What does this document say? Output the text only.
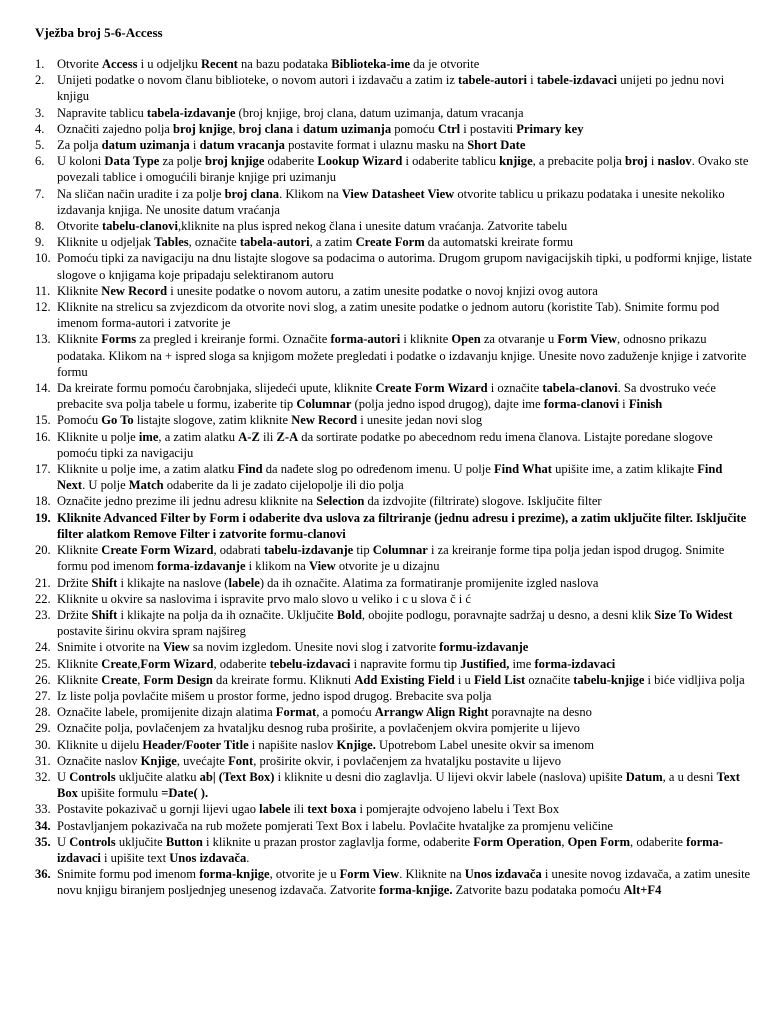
Vježba broj 5-6-Access
1. Otvorite Access i u odjeljku Recent na bazu podataka Biblioteka-ime da je otvorite
2. Unijeti podatke o novom članu biblioteke, o novom autori i izdavaču a zatim iz tabele-autori i tabele-izdavaci unijeti po jednu novi knjigu
3. Napravite tablicu tabela-izdavanje (broj knjige, broj clana, datum uzimanja, datum vracanja
4. Označiti zajedno polja broj knjige, broj clana i datum uzimanja pomoću Ctrl i postaviti Primary key
5. Za polja datum uzimanja i datum vracanja postavite format i ulaznu masku na Short Date
6. U koloni Data Type za polje broj knjige odaberite Lookup Wizard i odaberite tablicu knjige, a prebacite polja broj i naslov. Ovako ste povezali tablice i omogućili biranje knjige pri uzimanju
7. Na sličan način uradite i za polje broj clana. Klikom na View Datasheet View otvorite tablicu u prikazu podataka i unesite nekoliko izdavanja knjiga. Ne unosite datum vraćanja
8. Otvorite tabelu-clanovi,kliknite na plus ispred nekog člana i unesite datum vraćanja. Zatvorite tabelu
9. Kliknite u odjeljak Tables, označite tabela-autori, a zatim Create Form da automatski kreirate formu
10. Pomoću tipki za navigaciju na dnu listajte slogove sa podacima o autorima. Drugom grupom navigacijskih tipki, u podformi knjige, listate slogove o knjigama koje pripadaju selektiranom autoru
11. Kliknite New Record i unesite podatke o novom autoru, a zatim unesite podatke o novoj knjizi ovog autora
12. Kliknite na strelicu sa zvjezdicom da otvorite novi slog, a zatim unesite podatke o jednom autoru (koristite Tab). Snimite formu pod imenom forma-autori i zatvorite je
13. Kliknite Forms za pregled i kreiranje formi. Označite forma-autori i kliknite Open za otvaranje u Form View, odnosno prikazu podataka. Klikom na + ispred sloga sa knjigom možete pregledati i podatke o izdavanju knjige. Unesite novo zaduženje knjige i zatvorite formu
14. Da kreirate formu pomoću čarobnjaka, slijedeći upute, kliknite Create Form Wizard i označite tabela-clanovi. Sa dvostruko veće prebacite sva polja tabele u formu, izaberite tip Columnar (polja jedno ispod drugog), dajte ime forma-clanovi i Finish
15. Pomoću Go To listajte slogove, zatim kliknite New Record i unesite jedan novi slog
16. Kliknite u polje ime, a zatim alatku A-Z ili Z-A da sortirate podatke po abecednom redu imena članova. Listajte poredane slogove pomoću tipki za navigaciju
17. Kliknite u polje ime, a zatim alatku Find da nađete slog po određenom imenu. U polje Find What upišite ime, a zatim klikajte Find Next. U polje Match odaberite da li je zadato cijelopolje ili dio polja
18. Označite jedno prezime ili jednu adresu kliknite na Selection da izdvojite (filtrirate) slogove. Isključite filter
19. Kliknite Advanced Filter by Form i odaberite dva uslova za filtriranje (jednu adresu i prezime), a zatim uključite filter. Isključite filter alatkom Remove Filter i zatvorite formu-clanovi
20. Kliknite Create Form Wizard, odabrati tabelu-izdavanje tip Columnar i za kreiranje forme tipa polja jedan ispod drugog. Snimite formu pod imenom forma-izdavanje i klikom na View otvorite je u dizajnu
21. Držite Shift i klikajte na naslove (labele) da ih označite. Alatima za formatiranje promijenite izgled naslova
22. Kliknite u okvire sa naslovima i ispravite prvo malo slovo u veliko i c u slova č i ć
23. Držite Shift i klikajte na polja da ih označite. Uključite Bold, obojite podlogu, poravnajte sadržaj u desno, a desni klik Size To Widest postavite širinu okvira spram najšireg
24. Snimite i otvorite na View sa novim izgledom. Unesite novi slog i zatvorite formu-izdavanje
25. Kliknite Create,Form Wizard, odaberite tebelu-izdavaci i napravite formu tip Justified, ime forma-izdavaci
26. Kliknite Create, Form Design da kreirate formu. Kliknuti Add Existing Field i u Field List označite tabelu-knjige i biće vidljiva polja
27. Iz liste polja povlačite mišem u prostor forme, jedno ispod drugog. Brebacite sva polja
28. Označite labele, promijenite dizajn alatima Format, a pomoću Arrangw Align Right poravnajte na desno
29. Označite polja, povlačenjem za hvataljku desnog ruba proširite, a povlačenjem okvira pomjerite u lijevo
30. Kliknite u dijelu Header/Footer Title i napišite naslov Knjige. Upotrebom Label unesite okvir sa imenom
31. Označite naslov Knjige, uvećajte Font, proširite okvir, i povlačenjem za hvataljku postavite u lijevo
32. U Controls uključite alatku ab| (Text Box) i kliknite u desni dio zaglavlja. U lijevi okvir labele (naslova) upišite Datum, a u desni Text Box upišite formulu =Date( ).
33. Postavite pokazivač u gornji lijevi ugao labele ili text boxa i pomjerajte odvojeno labelu i Text Box
34. Postavljanjem pokazivača na rub možete pomjerati Text Box i labelu. Povlačite hvataljke za promjenu veličine
35. U Controls uključite Button i kliknite u prazan prostor zaglavlja forme, odaberite Form Operation, Open Form, odaberite forma-izdavaci i upišite text Unos izdavača.
36. Snimite formu pod imenom forma-knjige, otvorite je u Form View. Kliknite na Unos izdavača i unesite novog izdavača, a zatim unesite novu knjigu biranjem posljednjeg unesenog izdavača. Zatvorite forma-knjige. Zatvorite bazu podataka pomoću Alt+F4
